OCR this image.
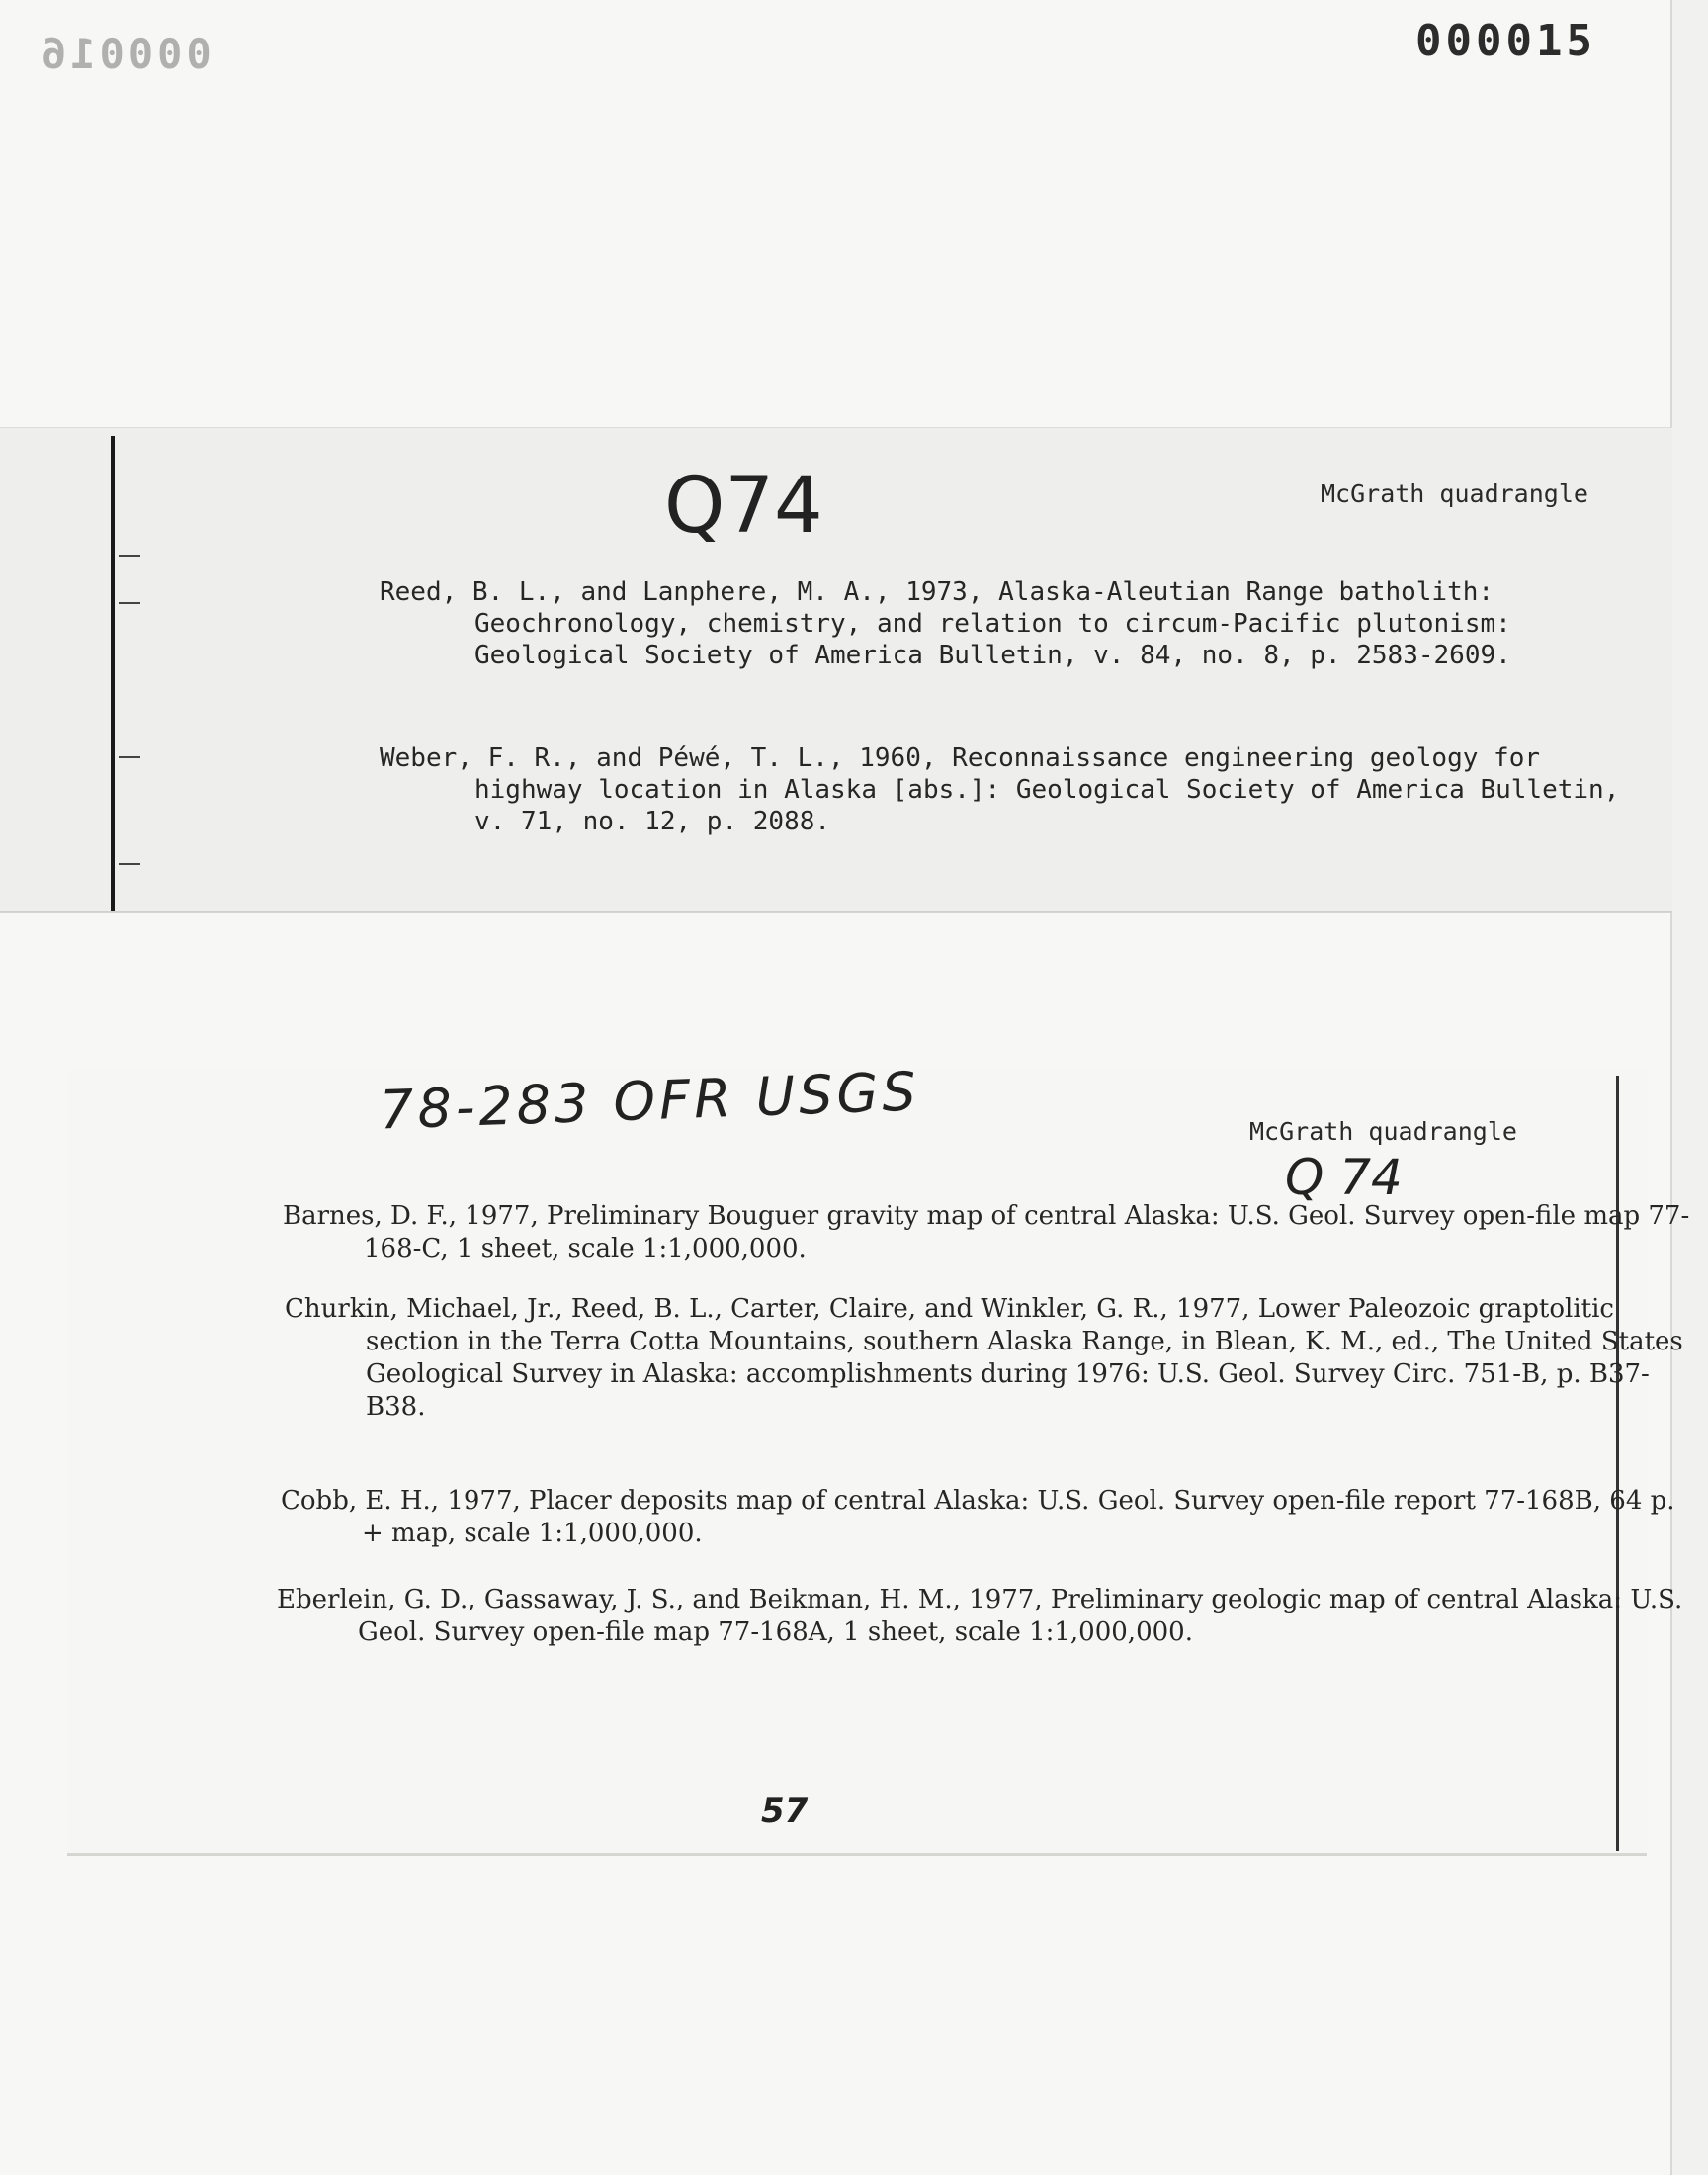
000016	000015
Q74	McGrath quadrangle
Reed, B. L., and Lanphere, M. A., 1973, Alaska-Aleutian Range batholith: Geochronology, chemistry, and relation to circum-Pacific plutonism: Geological Society of America Bulletin, v. 84, no. 8, p. 2583-2609.
Weber, F. R., and Péwé, T. L., 1960, Reconnaissance engineering geology for highway location in Alaska [abs.]: Geological Society of America Bulletin, v. 71, no. 12, p. 2088.
78-283 OFR USGS	McGrath quadrangle
Q 74
Barnes, D. F., 1977, Preliminary Bouguer gravity map of central Alaska: U.S. Geol. Survey open-file map 77-168-C, 1 sheet, scale 1:1,000,000.
Churkin, Michael, Jr., Reed, B. L., Carter, Claire, and Winkler, G. R., 1977, Lower Paleozoic graptolitic section in the Terra Cotta Mountains, southern Alaska Range, in Blean, K. M., ed., The United States Geological Survey in Alaska: accomplishments during 1976: U.S. Geol. Survey Circ. 751-B, p. B37-B38.
Cobb, E. H., 1977, Placer deposits map of central Alaska: U.S. Geol. Survey open-file report 77-168B, 64 p. + map, scale 1:1,000,000.
Eberlein, G. D., Gassaway, J. S., and Beikman, H. M., 1977, Preliminary geologic map of central Alaska: U.S. Geol. Survey open-file map 77-168A, 1 sheet, scale 1:1,000,000.
57
